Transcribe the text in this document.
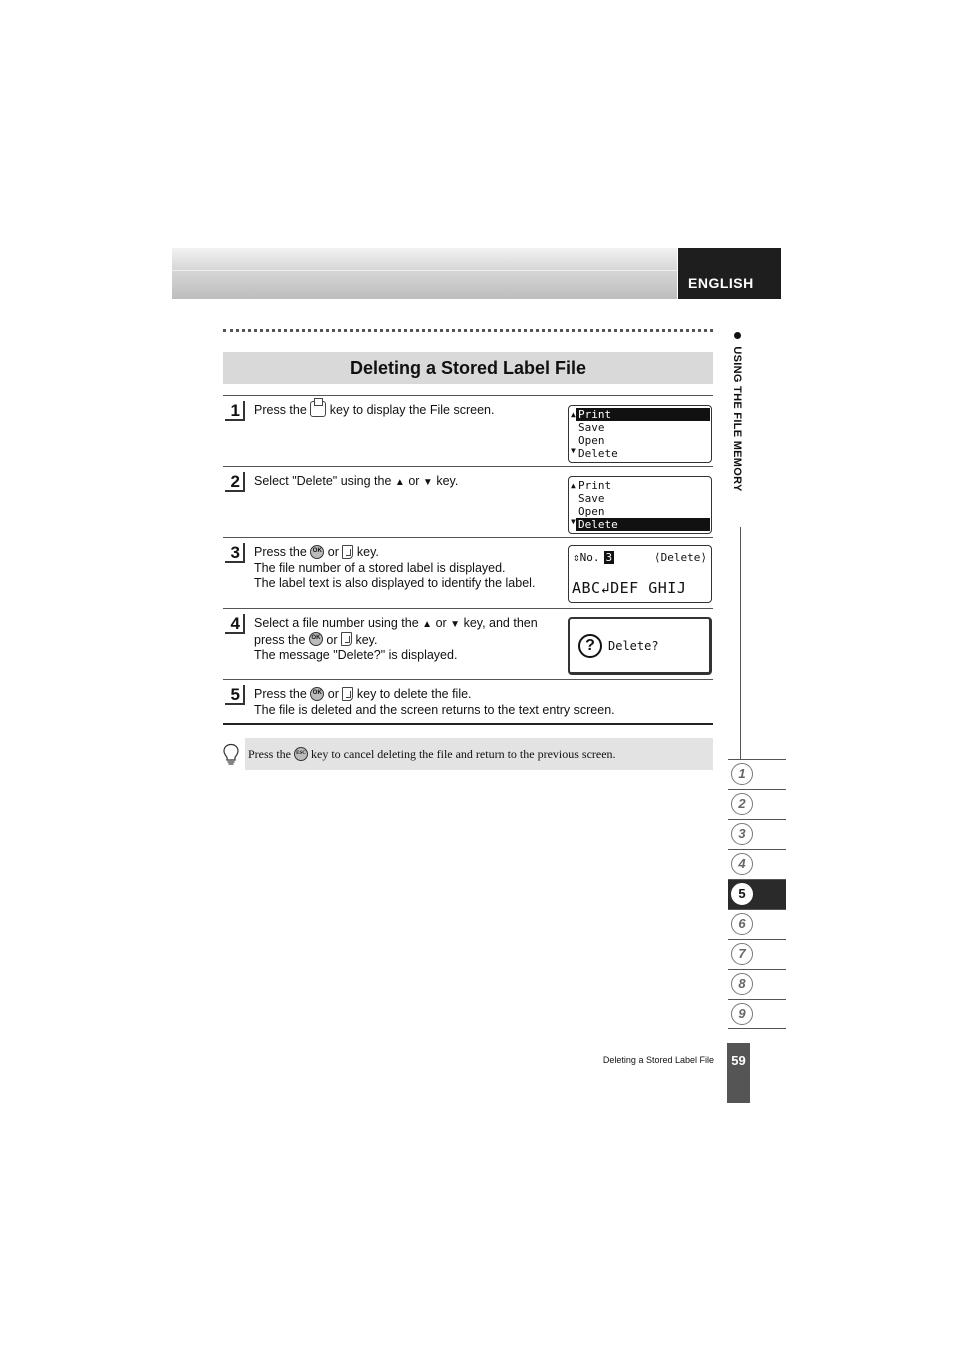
ENGLISH
Deleting a Stored Label File
1	Press the key to display the File screen.	▲

▼
Print
Save
Open
Delete
2	Select "Delete" using the ▲ or ▼ key.	▲

▼
Print
Save
Open
Delete
3	Press the OK or key.
The file number of a stored label is displayed.
The label text is also displayed to identify the label.
⇕No. 3	⟨Delete⟩
ABC↲DEF GHIJ
4	Select a file number using the ▲ or ▼ key, and then
press the OK or key.
The message "Delete?" is displayed.
?	Delete?
5	Press the OK or key to delete the file.
The file is deleted and the screen returns to the text entry screen.
Press the ESC key to cancel deleting the file and return to the previous screen.
USING THE FILE MEMORY
1
2
3
4
5
6
7
8
9
Deleting a Stored Label File	59
